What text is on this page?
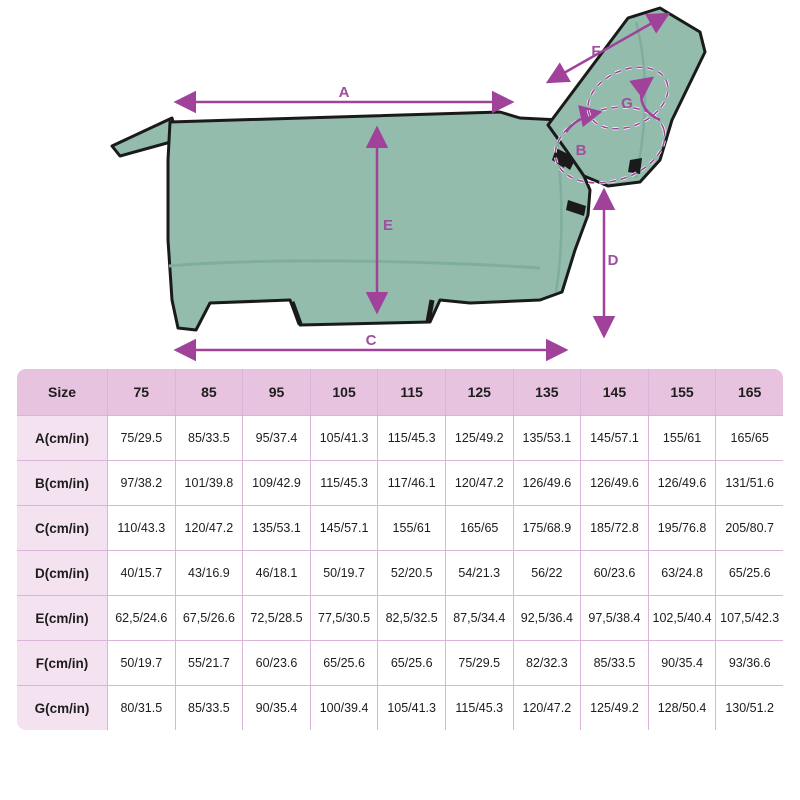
A
E
C
D
F
B
G
Size	75	85	95	105	115	125	135	145	155	165
A(cm/in)	75/29.5	85/33.5	95/37.4	105/41.3	115/45.3	125/49.2	135/53.1	145/57.1	155/61	165/65
B(cm/in)	97/38.2	101/39.8	109/42.9	115/45.3	117/46.1	120/47.2	126/49.6	126/49.6	126/49.6	131/51.6
C(cm/in)	110/43.3	120/47.2	135/53.1	145/57.1	155/61	165/65	175/68.9	185/72.8	195/76.8	205/80.7
D(cm/in)	40/15.7	43/16.9	46/18.1	50/19.7	52/20.5	54/21.3	56/22	60/23.6	63/24.8	65/25.6
E(cm/in)	62,5/24.6	67,5/26.6	72,5/28.5	77,5/30.5	82,5/32.5	87,5/34.4	92,5/36.4	97,5/38.4	102,5/40.4	107,5/42.3
F(cm/in)	50/19.7	55/21.7	60/23.6	65/25.6	65/25.6	75/29.5	82/32.3	85/33.5	90/35.4	93/36.6
G(cm/in)	80/31.5	85/33.5	90/35.4	100/39.4	105/41.3	115/45.3	120/47.2	125/49.2	128/50.4	130/51.2
